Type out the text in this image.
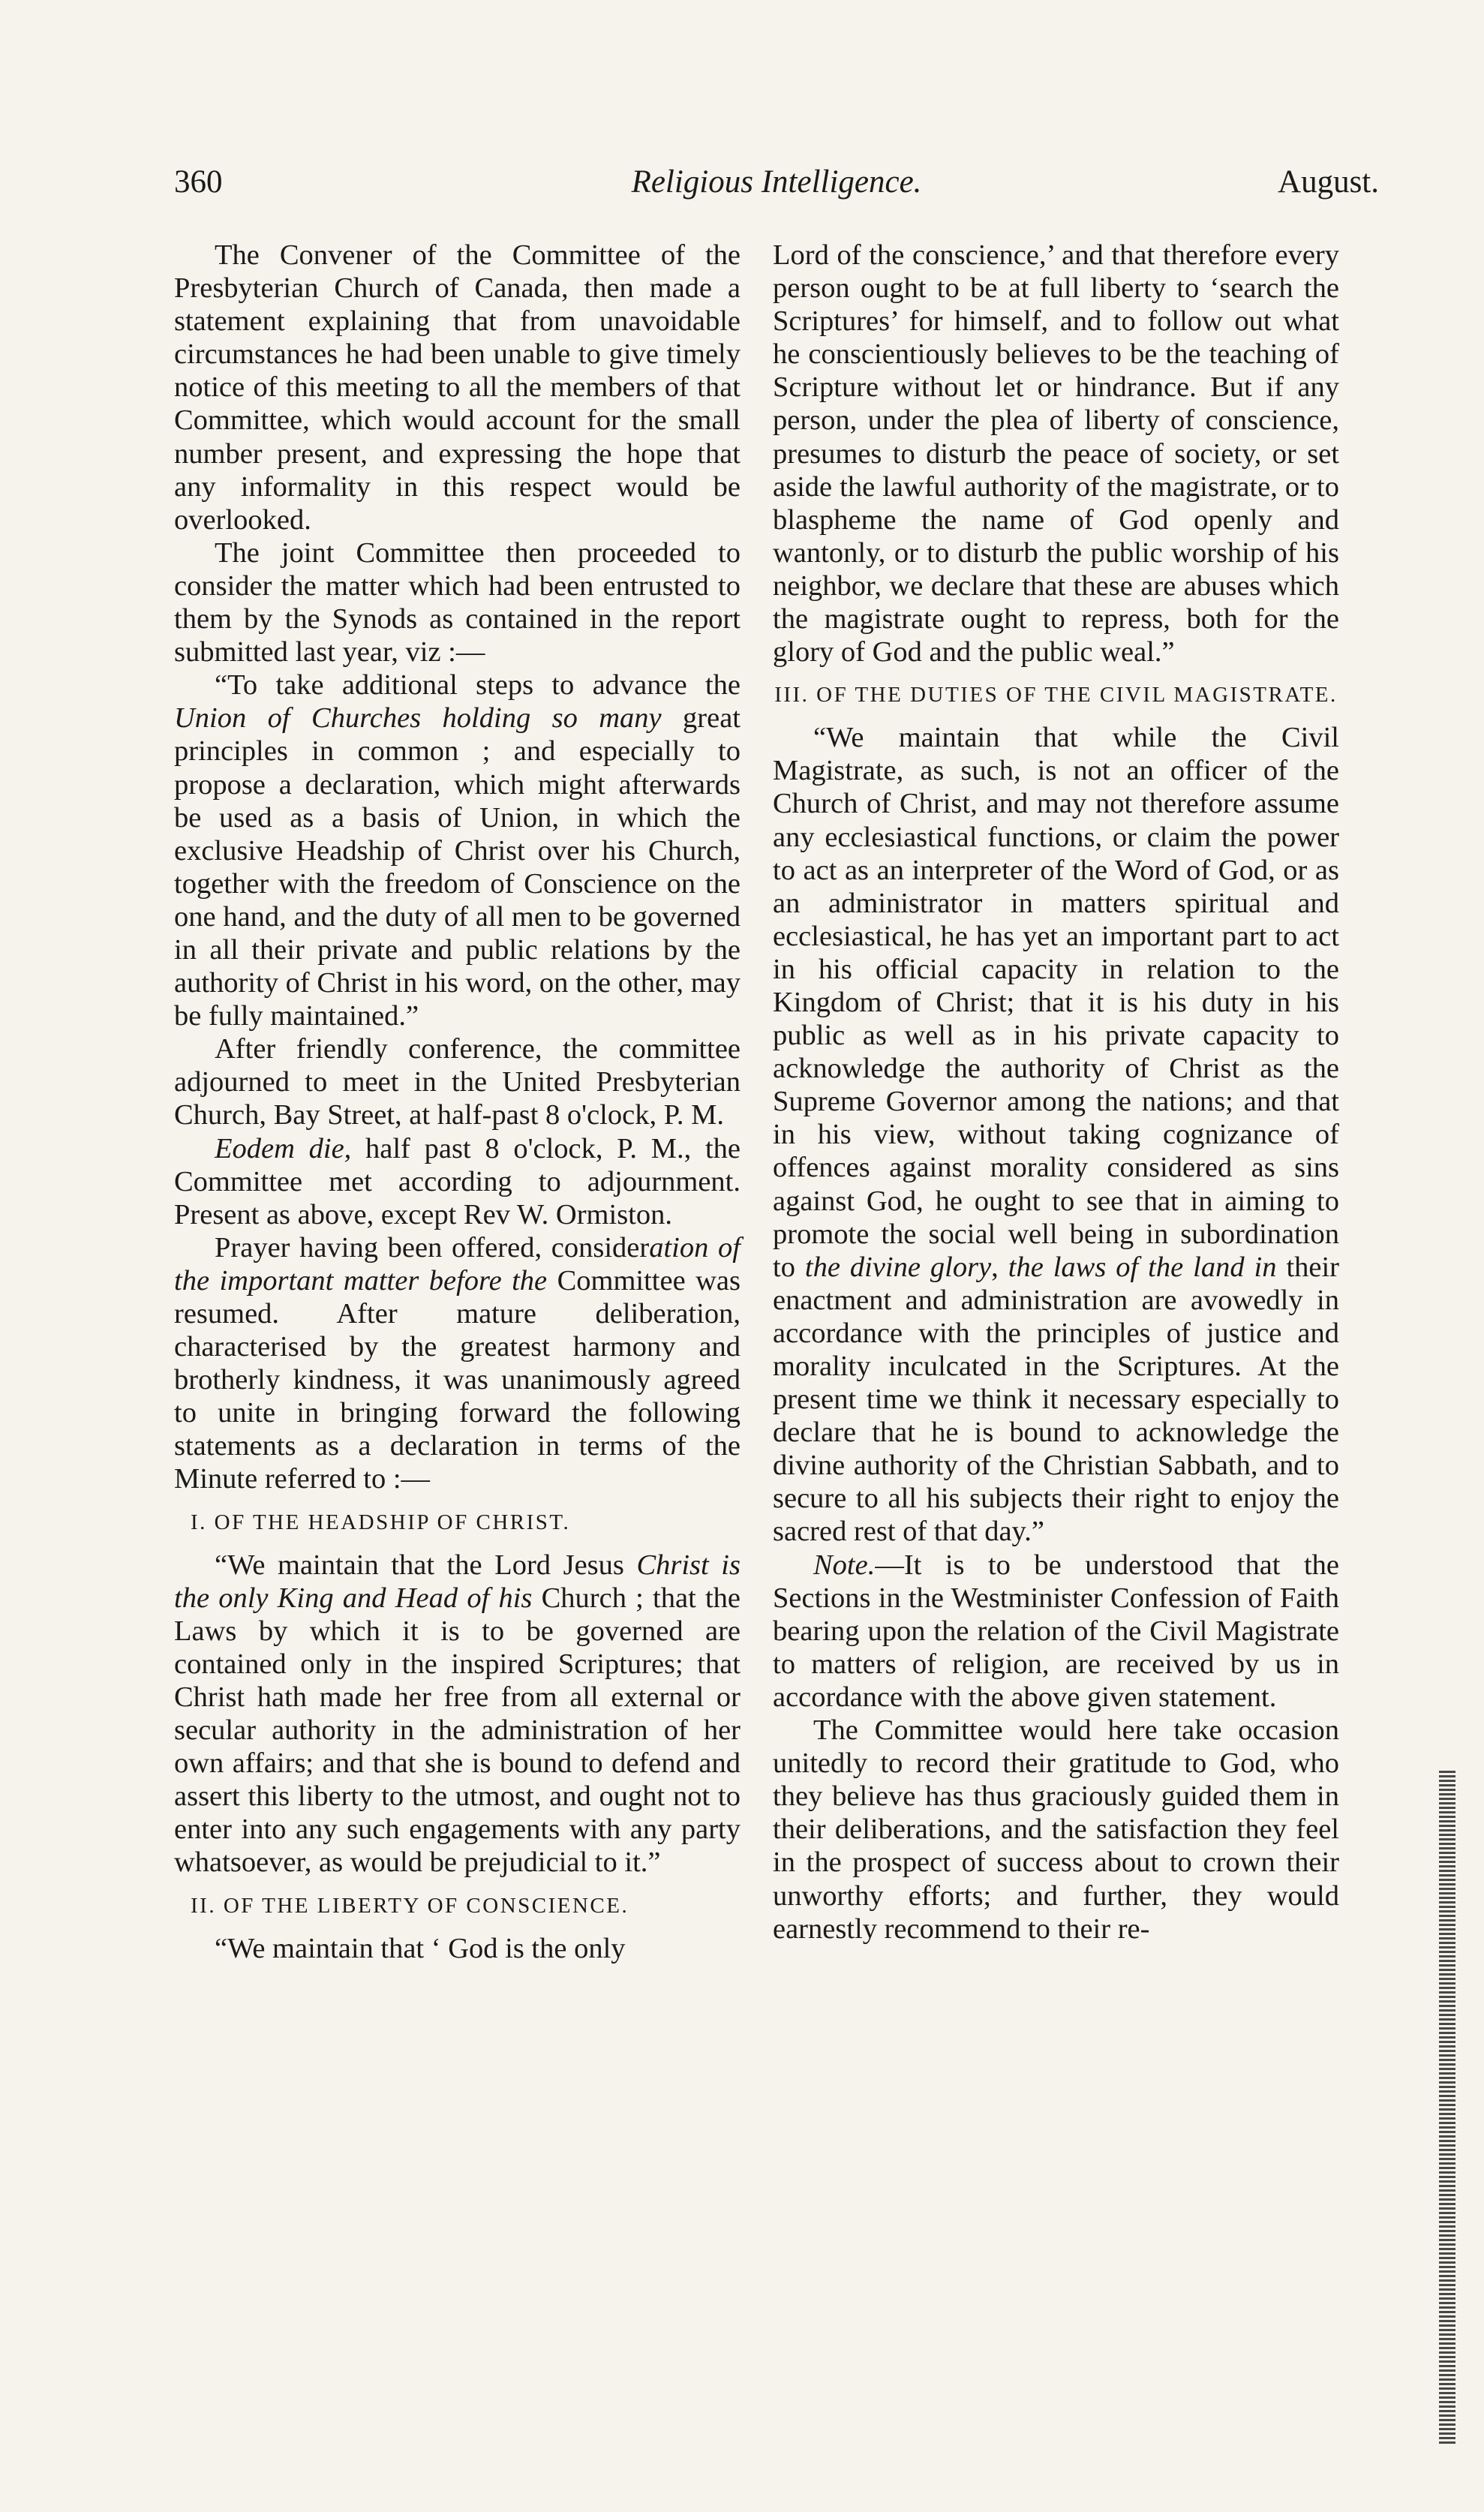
360	Religious Intelligence.	August.

The Convener of the Committee of the Presbyterian Church of Canada, then made a statement explaining that from unavoidable circumstances he had been unable to give timely notice of this meeting to all the members of that Committee, which would account for the small number present, and expressing the hope that any informality in this respect would be overlooked.

The joint Committee then proceeded to consider the matter which had been entrusted to them by the Synods as contained in the report submitted last year, viz :—

“To take additional steps to advance the Union of Churches holding so many great principles in common ; and especially to propose a declaration, which might afterwards be used as a basis of Union, in which the exclusive Headship of Christ over his Church, together with the freedom of Conscience on the one hand, and the duty of all men to be governed in all their private and public relations by the authority of Christ in his word, on the other, may be fully maintained.”

After friendly conference, the committee adjourned to meet in the United Presbyterian Church, Bay Street, at half-past 8 o'clock, P. M.

Eodem die, half past 8 o'clock, P. M., the Committee met according to adjournment. Present as above, except Rev W. Ormiston.

Prayer having been offered, consideration of the important matter before the Committee was resumed. After mature deliberation, characterised by the greatest harmony and brotherly kindness, it was unanimously agreed to unite in bringing forward the following statements as a declaration in terms of the Minute referred to :—

I. OF THE HEADSHIP OF CHRIST.

“We maintain that the Lord Jesus Christ is the only King and Head of his Church ; that the Laws by which it is to be governed are contained only in the inspired Scriptures; that Christ hath made her free from all external or secular authority in the administration of her own affairs; and that she is bound to defend and assert this liberty to the utmost, and ought not to enter into any such engagements with any party whatsoever, as would be prejudicial to it.”

II. OF THE LIBERTY OF CONSCIENCE.

“We maintain that ‘ God is the only

Lord of the conscience,’ and that therefore every person ought to be at full liberty to ‘search the Scriptures’ for himself, and to follow out what he conscientiously believes to be the teaching of Scripture without let or hindrance. But if any person, under the plea of liberty of conscience, presumes to disturb the peace of society, or set aside the lawful authority of the magistrate, or to blaspheme the name of God openly and wantonly, or to disturb the public worship of his neighbor, we declare that these are abuses which the magistrate ought to repress, both for the glory of God and the public weal.”

III. OF THE DUTIES OF THE CIVIL MAGISTRATE.

“We maintain that while the Civil Magistrate, as such, is not an officer of the Church of Christ, and may not therefore assume any ecclesiastical functions, or claim the power to act as an interpreter of the Word of God, or as an administrator in matters spiritual and ecclesiastical, he has yet an important part to act in his official capacity in relation to the Kingdom of Christ; that it is his duty in his public as well as in his private capacity to acknowledge the authority of Christ as the Supreme Governor among the nations; and that in his view, without taking cognizance of offences against morality considered as sins against God, he ought to see that in aiming to promote the social well being in subordination to the divine glory, the laws of the land in their enactment and administration are avowedly in accordance with the principles of justice and morality inculcated in the Scriptures. At the present time we think it necessary especially to declare that he is bound to acknowledge the divine authority of the Christian Sabbath, and to secure to all his subjects their right to enjoy the sacred rest of that day.”

Note.—It is to be understood that the Sections in the Westminister Confession of Faith bearing upon the relation of the Civil Magistrate to matters of religion, are received by us in accordance with the above given statement.

The Committee would here take occasion unitedly to record their gratitude to God, who they believe has thus graciously guided them in their deliberations, and the satisfaction they feel in the prospect of success about to crown their unworthy efforts; and further, they would earnestly recommend to their re-
